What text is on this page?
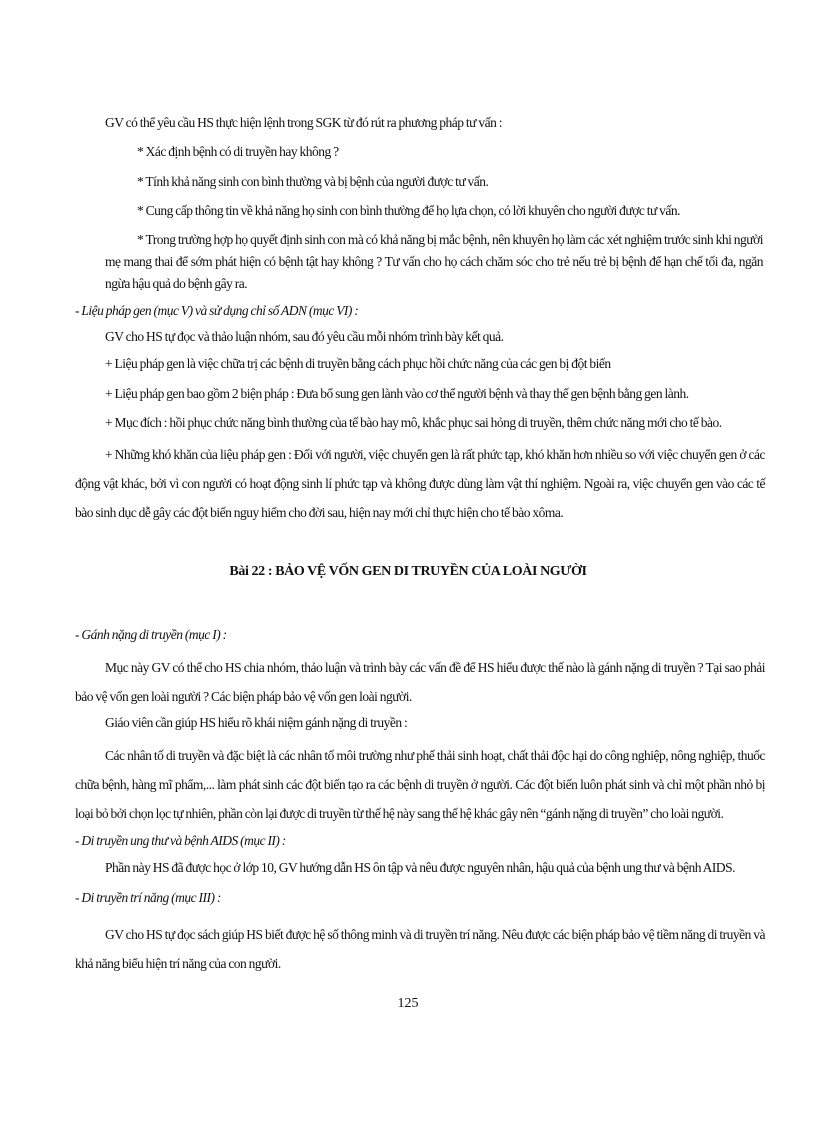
GV có thể yêu cầu HS thực hiện lệnh trong SGK từ đó rút ra phương pháp tư vấn :

* Xác định bệnh có di truyền hay không ?

* Tính khả năng sinh con bình thường và bị bệnh của người được tư vấn.

* Cung cấp thông tin về khả năng họ sinh con bình thường để họ lựa chọn, có lời khuyên cho người được tư vấn.

* Trong trường hợp họ quyết định sinh con mà có khả năng bị mắc bệnh, nên khuyên họ làm các xét nghiệm trước sinh khi người mẹ mang thai để sớm phát hiện có bệnh tật hay không ? Tư vấn cho họ cách chăm sóc cho trẻ nếu trẻ bị bệnh để hạn chế tối đa, ngăn ngừa hậu quả do bệnh gây ra.

- Liệu pháp gen (mục V) và sử dụng chỉ số ADN (mục VI) :

GV cho HS tự đọc và thảo luận nhóm, sau đó yêu cầu mỗi nhóm trình bày kết quả.

+ Liệu pháp gen là việc chữa trị các bệnh di truyền bằng cách phục hồi chức năng của các gen bị đột biến

+ Liệu pháp gen bao gồm 2 biện pháp : Đưa bổ sung gen lành vào cơ thể người bệnh và thay thế gen bệnh bằng gen lành.

+ Mục đích : hồi phục chức năng bình thường của tế bào hay mô, khắc phục sai hỏng di truyền, thêm chức năng mới cho tế bào.

+ Những khó khăn của liệu pháp gen : Đối với người, việc chuyển gen là rất phức tạp, khó khăn hơn nhiều so với việc chuyển gen ở các động vật khác, bởi vì con người có hoạt động sinh lí phức tạp và không được dùng làm vật thí nghiệm. Ngoài ra, việc chuyển gen vào các tế bào sinh dục dễ gây các đột biến nguy hiểm cho đời sau, hiện nay mới chỉ thực hiện cho tế bào xôma.

Bài 22 : BẢO VỆ VỐN GEN DI TRUYỀN CỦA LOÀI NGƯỜI

- Gánh nặng di truyền (mục I) :

Mục này GV có thể cho HS chia nhóm, thảo luận và trình bày các vấn đề để HS hiểu được thế nào là gánh nặng di truyền ? Tại sao phải bảo vệ vốn gen loài người ? Các biện pháp bảo vệ vốn gen loài người.

Giáo viên cần giúp HS hiểu rõ khái niệm gánh nặng di truyền :

Các nhân tố di truyền và đặc biệt là các nhân tố môi trường như phế thải sinh hoạt, chất thải độc hại do công nghiệp, nông nghiệp, thuốc chữa bệnh, hàng mĩ phẩm,... làm phát sinh các đột biến tạo ra các bệnh di truyền ở người. Các đột biến luôn phát sinh và chỉ một phần nhỏ bị loại bỏ bởi chọn lọc tự nhiên, phần còn lại được di truyền từ thế hệ này sang thế hệ khác gây nên “gánh nặng di truyền” cho loài người.

- Di truyền ung thư và bệnh AIDS (mục II) :

Phần này HS đã được học ở lớp 10, GV hướng dẫn HS ôn tập và nêu được nguyên nhân, hậu quả của bệnh ung thư và bệnh AIDS.

- Di truyền trí năng (mục III) :

GV cho HS tự đọc sách giúp HS biết được hệ số thông minh và di truyền trí năng. Nêu được các biện pháp bảo vệ tiềm năng di truyền và khả năng biểu hiện trí năng của con người.

125
